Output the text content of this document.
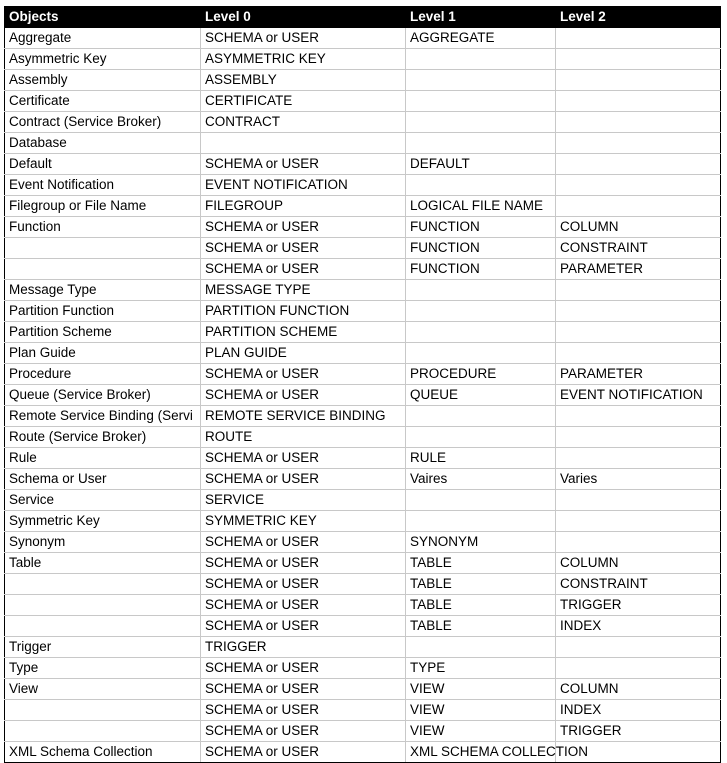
Objects	Level 0	Level 1	Level 2
Aggregate	SCHEMA or USER	AGGREGATE	
Asymmetric Key	ASYMMETRIC KEY		
Assembly	ASSEMBLY		
Certificate	CERTIFICATE		
Contract (Service Broker)	CONTRACT		
Database			
Default	SCHEMA or USER	DEFAULT	
Event Notification	EVENT NOTIFICATION		
Filegroup or File Name	FILEGROUP	LOGICAL FILE NAME	
Function	SCHEMA or USER	FUNCTION	COLUMN
	SCHEMA or USER	FUNCTION	CONSTRAINT
	SCHEMA or USER	FUNCTION	PARAMETER
Message Type	MESSAGE TYPE		
Partition Function	PARTITION FUNCTION		
Partition Scheme	PARTITION SCHEME		
Plan Guide	PLAN GUIDE		
Procedure	SCHEMA or USER	PROCEDURE	PARAMETER
Queue (Service Broker)	SCHEMA or USER	QUEUE	EVENT NOTIFICATION
Remote Service Binding (Servi	REMOTE SERVICE BINDING		
Route (Service Broker)	ROUTE		
Rule	SCHEMA or USER	RULE	
Schema or User	SCHEMA or USER	Vaires	Varies
Service	SERVICE		
Symmetric Key	SYMMETRIC KEY		
Synonym	SCHEMA or USER	SYNONYM	
Table	SCHEMA or USER	TABLE	COLUMN
	SCHEMA or USER	TABLE	CONSTRAINT
	SCHEMA or USER	TABLE	TRIGGER
	SCHEMA or USER	TABLE	INDEX
Trigger	TRIGGER		
Type	SCHEMA or USER	TYPE	
View	SCHEMA or USER	VIEW	COLUMN
	SCHEMA or USER	VIEW	INDEX
	SCHEMA or USER	VIEW	TRIGGER
XML Schema Collection	SCHEMA or USER	XML SCHEMA COLLECTION	
